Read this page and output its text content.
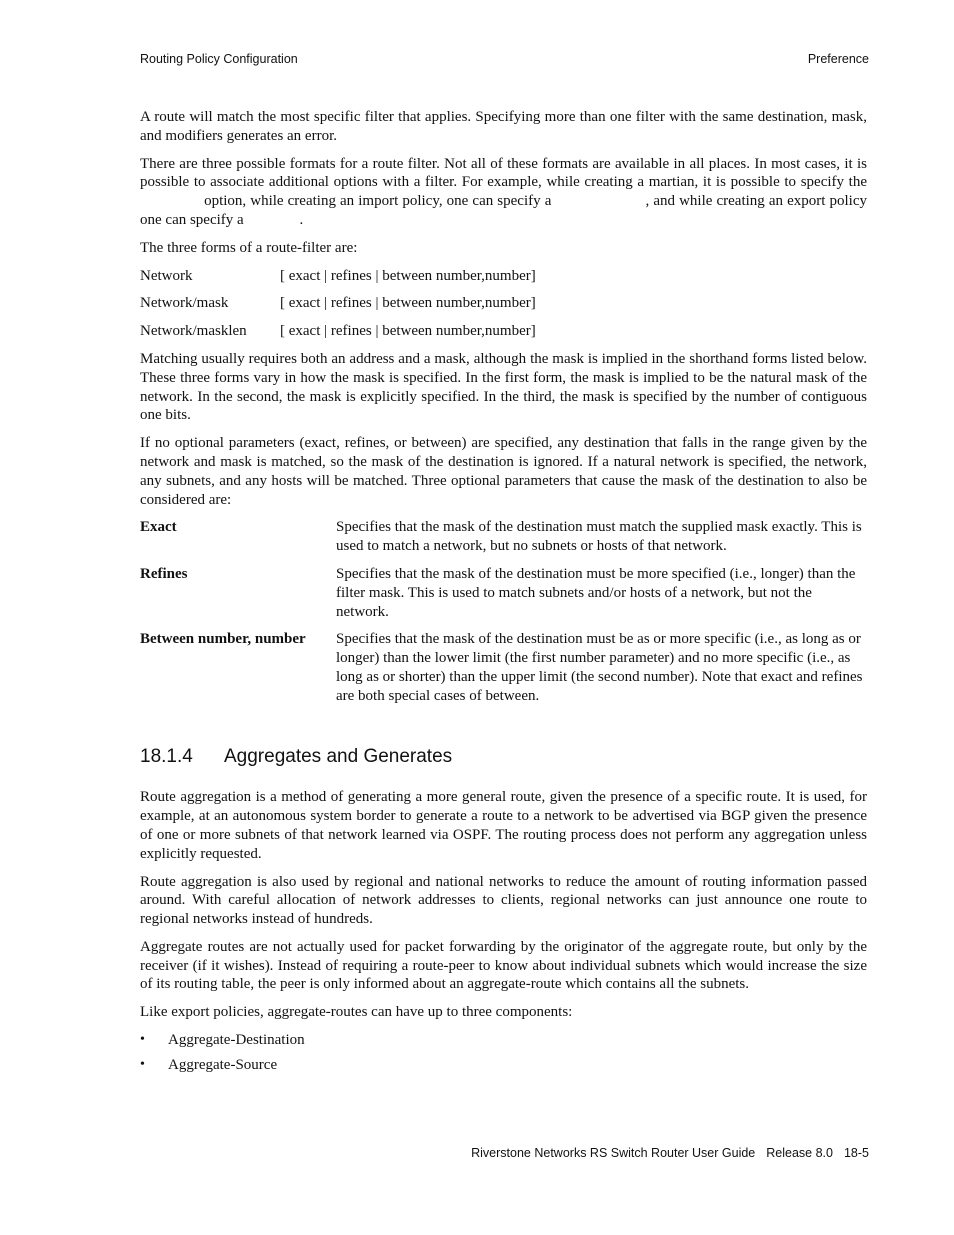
Routing Policy Configuration	Preference

A route will match the most specific filter that applies. Specifying more than one filter with the same destination, mask, and modifiers generates an error.

There are three possible formats for a route filter. Not all of these formats are available in all places. In most cases, it is possible to associate additional options with a filter. For example, while creating a martian, it is possible to specify the  option, while creating an import policy, one can specify a	, and while creating an export policy one can specify a	.

The three forms of a route-filter are:

Network	[ exact | refines | between number,number]
Network/mask	[ exact | refines | between number,number]
Network/masklen	[ exact | refines | between number,number]

Matching usually requires both an address and a mask, although the mask is implied in the shorthand forms listed below. These three forms vary in how the mask is specified. In the first form, the mask is implied to be the natural mask of the network. In the second, the mask is explicitly specified. In the third, the mask is specified by the number of contiguous one bits.

If no optional parameters (exact, refines, or between) are specified, any destination that falls in the range given by the network and mask is matched, so the mask of the destination is ignored. If a natural network is specified, the network, any subnets, and any hosts will be matched. Three optional parameters that cause the mask of the destination to also be considered are:

Exact	Specifies that the mask of the destination must match the supplied mask exactly. This is used to match a network, but no subnets or hosts of that network.
Refines	Specifies that the mask of the destination must be more specified (i.e., longer) than the filter mask. This is used to match subnets and/or hosts of a network, but not the network.
Between number, number	Specifies that the mask of the destination must be as or more specific (i.e., as long as or longer) than the lower limit (the first number parameter) and no more specific (i.e., as long as or shorter) than the upper limit (the second number). Note that exact and refines are both special cases of between.
18.1.4	Aggregates and Generates

Route aggregation is a method of generating a more general route, given the presence of a specific route. It is used, for example, at an autonomous system border to generate a route to a network to be advertised via BGP given the presence of one or more subnets of that network learned via OSPF. The routing process does not perform any aggregation unless explicitly requested.

Route aggregation is also used by regional and national networks to reduce the amount of routing information passed around. With careful allocation of network addresses to clients, regional networks can just announce one route to regional networks instead of hundreds.

Aggregate routes are not actually used for packet forwarding by the originator of the aggregate route, but only by the receiver (if it wishes). Instead of requiring a route-peer to know about individual subnets which would increase the size of its routing table, the peer is only informed about an aggregate-route which contains all the subnets.

Like export policies, aggregate-routes can have up to three components:

•	Aggregate-Destination
•	Aggregate-Source
Riverstone Networks RS Switch Router User Guide Release 8.0 18-5
